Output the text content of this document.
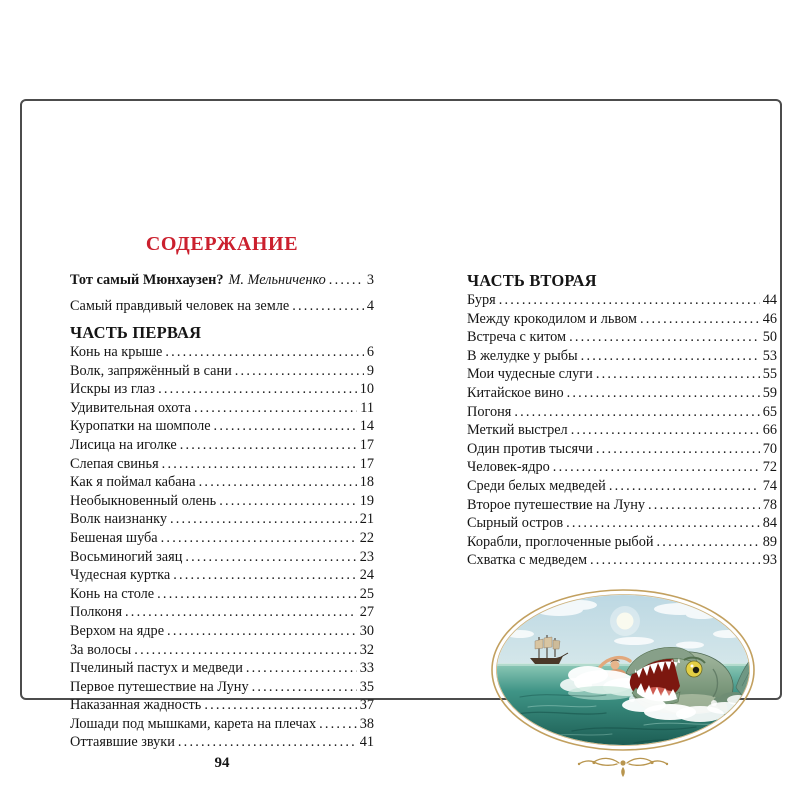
СОДЕРЖАНИЕ
Тот самый Мюнхаузен? М. Мельниченко .....	3
Самый правдивый человек на земле .....	4
ЧАСТЬ ПЕРВАЯ
Конь на крыше .....	6
Волк, запряжённый в сани .....	9
Искры из глаз .....	10
Удивительная охота .....	11
Куропатки на шомполе .....	14
Лисица на иголке .....	17
Слепая свинья .....	17
Как я поймал кабана .....	18
Необыкновенный олень .....	19
Волк наизнанку .....	21
Бешеная шуба .....	22
Восьминогий заяц .....	23
Чудесная куртка .....	24
Конь на столе .....	25
Полконя .....	27
Верхом на ядре .....	30
За волосы .....	32
Пчелиный пастух и медведи .....	33
Первое путешествие на Луну .....	35
Наказанная жадность .....	37
Лошади под мышками, карета на плечах .....	38
Оттаявшие звуки .....	41
94
ЧАСТЬ ВТОРАЯ
Буря .....	44
Между крокодилом и львом .....	46
Встреча с китом .....	50
В желудке у рыбы .....	53
Мои чудесные слуги .....	55
Китайское вино .....	59
Погоня .....	65
Меткий выстрел .....	66
Один против тысячи .....	70
Человек-ядро .....	72
Среди белых медведей .....	74
Второе путешествие на Луну .....	78
Сырный остров .....	84
Корабли, проглоченные рыбой .....	89
Схватка с медведем .....	93
